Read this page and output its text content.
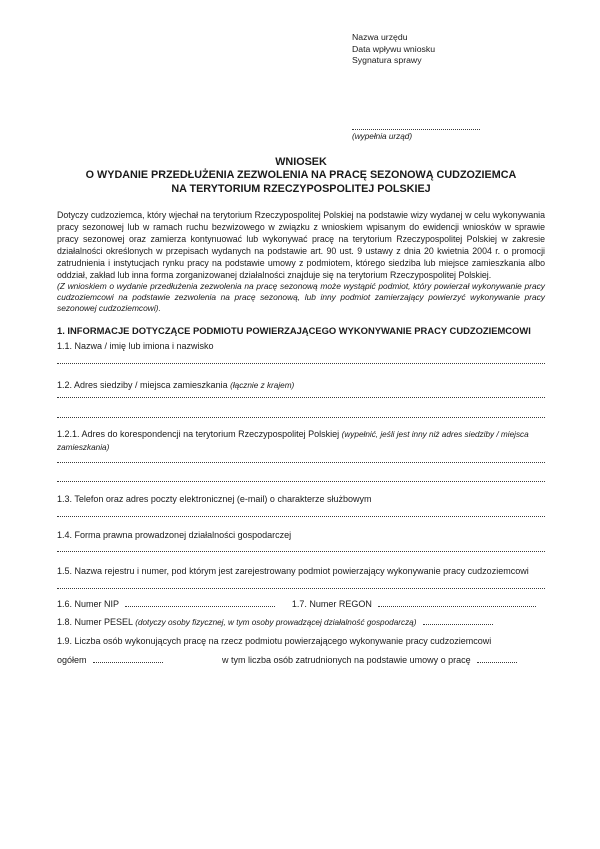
Nazwa urzędu
Data wpływu wniosku
Sygnatura sprawy
(wypełnia urząd)
WNIOSEK
O WYDANIE PRZEDŁUŻENIA ZEZWOLENIA NA PRACĘ SEZONOWĄ CUDZOZIEMCA
NA TERYTORIUM RZECZYPOSPOLITEJ POLSKIEJ
Dotyczy cudzoziemca, który wjechał na terytorium Rzeczypospolitej Polskiej na podstawie wizy wydanej w celu wykonywania pracy sezonowej lub w ramach ruchu bezwizowego w związku z wnioskiem wpisanym do ewidencji wniosków w sprawie pracy sezonowej oraz zamierza kontynuować lub wykonywać pracę na terytorium Rzeczypospolitej Polskiej w zakresie działalności określonych w przepisach wydanych na podstawie art. 90 ust. 9 ustawy z dnia 20 kwietnia 2004 r. o promocji zatrudnienia i instytucjach rynku pracy na podstawie umowy z podmiotem, którego siedziba lub miejsce zamieszkania albo oddział, zakład lub inna forma zorganizowanej działalności znajduje się na terytorium Rzeczypospolitej Polskiej.
(Z wnioskiem o wydanie przedłużenia zezwolenia na pracę sezonową może wystąpić podmiot, który powierzał wykonywanie pracy cudzoziemcowi na podstawie zezwolenia na pracę sezonową, lub inny podmiot zamierzający powierzyć wykonywanie pracy sezonowej cudzoziemcowi).
1. INFORMACJE DOTYCZĄCE PODMIOTU POWIERZAJĄCEGO WYKONYWANIE PRACY CUDZOZIEMCOWI
1.1. Nazwa / imię lub imiona i nazwisko
1.2. Adres siedziby / miejsca zamieszkania (łącznie z krajem)
1.2.1. Adres do korespondencji na terytorium Rzeczypospolitej Polskiej (wypełnić, jeśli jest inny niż adres siedziby / miejsca zamieszkania)
1.3. Telefon oraz adres poczty elektronicznej (e-mail) o charakterze służbowym
1.4. Forma prawna prowadzonej działalności gospodarczej
1.5. Nazwa rejestru i numer, pod którym jest zarejestrowany podmiot powierzający wykonywanie pracy cudzoziemcowi
1.6. Numer NIP	1.7. Numer REGON
1.8. Numer PESEL (dotyczy osoby fizycznej, w tym osoby prowadzącej działalność gospodarczą)
1.9. Liczba osób wykonujących pracę na rzecz podmiotu powierzającego wykonywanie pracy cudzoziemcowi
ogółem	w tym liczba osób zatrudnionych na podstawie umowy o pracę
